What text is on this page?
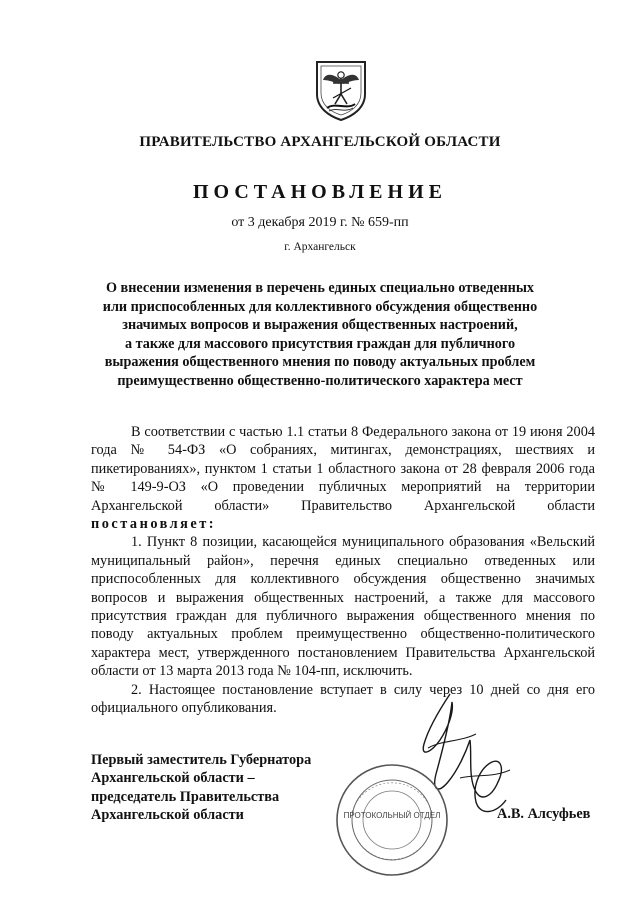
ПРАВИТЕЛЬСТВО АРХАНГЕЛЬСКОЙ ОБЛАСТИ
ПОСТАНОВЛЕНИЕ
от 3 декабря 2019 г. № 659-пп
г. Архангельск
О внесении изменения в перечень единых специально отведенных
или приспособленных для коллективного обсуждения общественно
значимых вопросов и выражения общественных настроений,
а также для массового присутствия граждан для публичного
выражения общественного мнения по поводу актуальных проблем
преимущественно общественно-политического характера мест

В соответствии с частью 1.1 статьи 8 Федерального закона от 19 июня 2004 года № 54-ФЗ «О собраниях, митингах, демонстрациях, шествиях и пикетированиях», пунктом 1 статьи 1 областного закона от 28 февраля 2006 года № 149-9-ОЗ «О проведении публичных мероприятий на территории Архангельской области» Правительство Архангельской области постановляет:

1. Пункт 8 позиции, касающейся муниципального образования «Вельский муниципальный район», перечня единых специально отведенных или приспособленных для коллективного обсуждения общественно значимых вопросов и выражения общественных настроений, а также для массового присутствия граждан для публичного выражения общественного мнения по поводу актуальных проблем преимущественно общественно-политического характера мест, утвержденного постановлением Правительства Архангельской области от 13 марта 2013 года № 104-пп, исключить.

2. Настоящее постановление вступает в силу через 10 дней со дня его официального опубликования.

ПРОТОКОЛЬНЫЙ ОТДЕЛ
Первый заместитель Губернатора
Архангельской области –
председатель Правительства
Архангельской области	А.В. Алсуфьев
